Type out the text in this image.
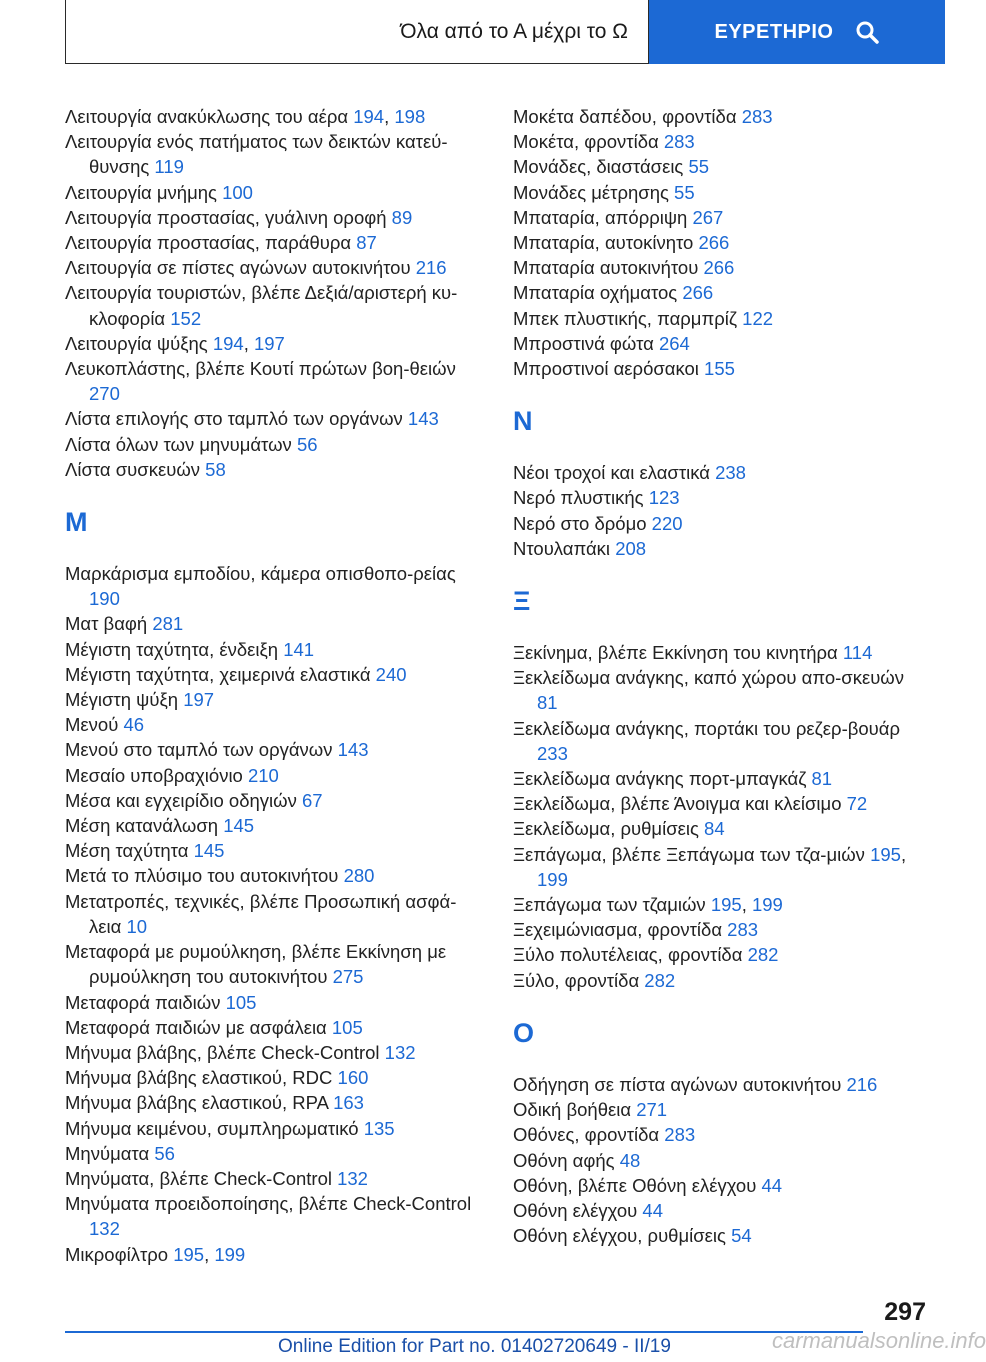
Όλα από το Α μέχρι το Ω	ΕΥΡΕΤΗΡΙΟ
Λειτουργία ανακύκλωσης του αέρα 194, 198
Λειτουργία ενός πατήματος των δεικτών κατεύ-θυνσης 119
Λειτουργία μνήμης 100
Λειτουργία προστασίας, γυάλινη οροφή 89
Λειτουργία προστασίας, παράθυρα 87
Λειτουργία σε πίστες αγώνων αυτοκινήτου 216
Λειτουργία τουριστών, βλέπε Δεξιά/αριστερή κυ-κλοφορία 152
Λειτουργία ψύξης 194, 197
Λευκοπλάστης, βλέπε Κουτί πρώτων βοη-θειών 270
Λίστα επιλογής στο ταμπλό των οργάνων 143
Λίστα όλων των μηνυμάτων 56
Λίστα συσκευών 58
M
Μαρκάρισμα εμποδίου, κάμερα οπισθοπο-ρείας 190
Ματ βαφή 281
Μέγιστη ταχύτητα, ένδειξη 141
Μέγιστη ταχύτητα, χειμερινά ελαστικά 240
Μέγιστη ψύξη 197
Μενού 46
Μενού στο ταμπλό των οργάνων 143
Μεσαίο υποβραχιόνιο 210
Μέσα και εγχειρίδιο οδηγιών 67
Μέση κατανάλωση 145
Μέση ταχύτητα 145
Μετά το πλύσιμο του αυτοκινήτου 280
Μετατροπές, τεχνικές, βλέπε Προσωπική ασφά-λεια 10
Μεταφορά με ρυμούλκηση, βλέπε Εκκίνηση με ρυμούλκηση του αυτοκινήτου 275
Μεταφορά παιδιών 105
Μεταφορά παιδιών με ασφάλεια 105
Μήνυμα βλάβης, βλέπε Check-Control 132
Μήνυμα βλάβης ελαστικού, RDC 160
Μήνυμα βλάβης ελαστικού, RPA 163
Μήνυμα κειμένου, συμπληρωματικό 135
Μηνύματα 56
Μηνύματα, βλέπε Check-Control 132
Μηνύματα προειδοποίησης, βλέπε Check-Control 132
Μικροφίλτρο 195, 199
Μοκέτα δαπέδου, φροντίδα 283
Μοκέτα, φροντίδα 283
Μονάδες, διαστάσεις 55
Μονάδες μέτρησης 55
Μπαταρία, απόρριψη 267
Μπαταρία, αυτοκίνητο 266
Μπαταρία αυτοκινήτου 266
Μπαταρία οχήματος 266
Μπεκ πλυστικής, παρμπρίζ 122
Μπροστινά φώτα 264
Μπροστινοί αερόσακοι 155
N
Νέοι τροχοί και ελαστικά 238
Νερό πλυστικής 123
Νερό στο δρόμο 220
Ντουλαπάκι 208
Ξ
Ξεκίνημα, βλέπε Εκκίνηση του κινητήρα 114
Ξεκλείδωμα ανάγκης, καπό χώρου απο-σκευών 81
Ξεκλείδωμα ανάγκης, πορτάκι του ρεζερ-βουάρ 233
Ξεκλείδωμα ανάγκης πορτ-μπαγκάζ 81
Ξεκλείδωμα, βλέπε Άνοιγμα και κλείσιμο 72
Ξεκλείδωμα, ρυθμίσεις 84
Ξεπάγωμα, βλέπε Ξεπάγωμα των τζα-μιών 195, 199
Ξεπάγωμα των τζαμιών 195, 199
Ξεχειμώνιασμα, φροντίδα 283
Ξύλο πολυτέλειας, φροντίδα 282
Ξύλο, φροντίδα 282
O
Οδήγηση σε πίστα αγώνων αυτοκινήτου 216
Οδική βοήθεια 271
Οθόνες, φροντίδα 283
Οθόνη αφής 48
Οθόνη, βλέπε Οθόνη ελέγχου 44
Οθόνη ελέγχου 44
Οθόνη ελέγχου, ρυθμίσεις 54
297
Online Edition for Part no. 01402720649 - II/19	carmanualsonline.info
